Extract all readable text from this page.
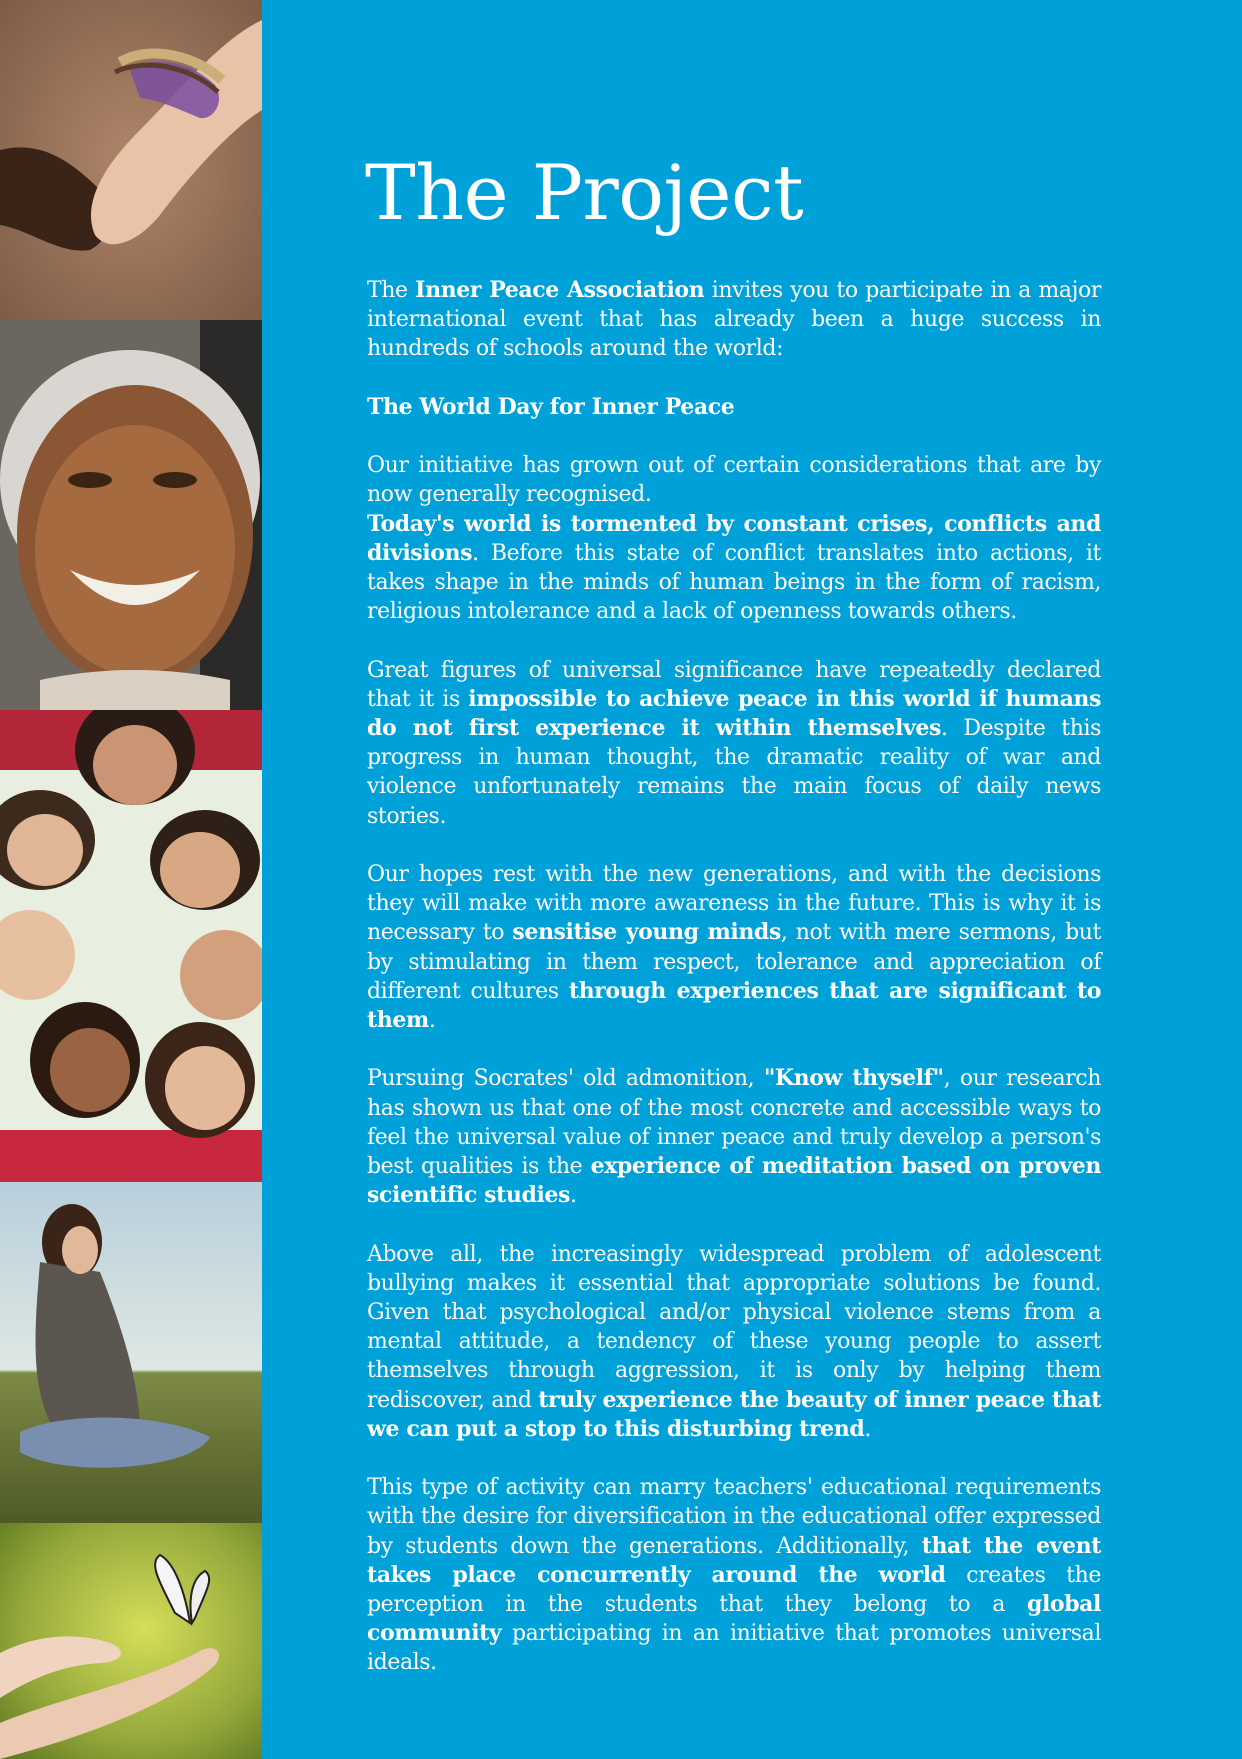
The Project

The Inner Peace Association invites you to participate in a major international event that has already been a huge success in hundreds of schools around the world:

The World Day for Inner Peace

Our initiative has grown out of certain considerations that are by now generally recognised.

Today's world is tormented by constant crises, conflicts and divisions. Before this state of conflict translates into actions, it takes shape in the minds of human beings in the form of racism, religious intolerance and a lack of openness towards others.

Great figures of universal significance have repeatedly declared that it is impossible to achieve peace in this world if humans do not first experience it within themselves. Despite this progress in human thought, the dramatic reality of war and violence unfortunately remains the main focus of daily news stories.

Our hopes rest with the new generations, and with the decisions they will make with more awareness in the future. This is why it is necessary to sensitise young minds, not with mere sermons, but by stimulating in them respect, tolerance and appreciation of different cultures through experiences that are significant to them.

Pursuing Socrates' old admonition, "Know thyself", our research has shown us that one of the most concrete and accessible ways to feel the universal value of inner peace and truly develop a person's best qualities is the experience of meditation based on proven scientific studies.

Above all, the increasingly widespread problem of adolescent bullying makes it essential that appropriate solutions be found. Given that psychological and/or physical violence stems from a mental attitude, a tendency of these young people to assert themselves through aggression, it is only by helping them rediscover, and truly experience the beauty of inner peace that we can put a stop to this disturbing trend.

This type of activity can marry teachers' educational requirements with the desire for diversification in the educational offer expressed by students down the generations. Additionally, that the event takes place concurrently around the world creates the perception in the students that they belong to a global community participating in an initiative that promotes universal ideals.
